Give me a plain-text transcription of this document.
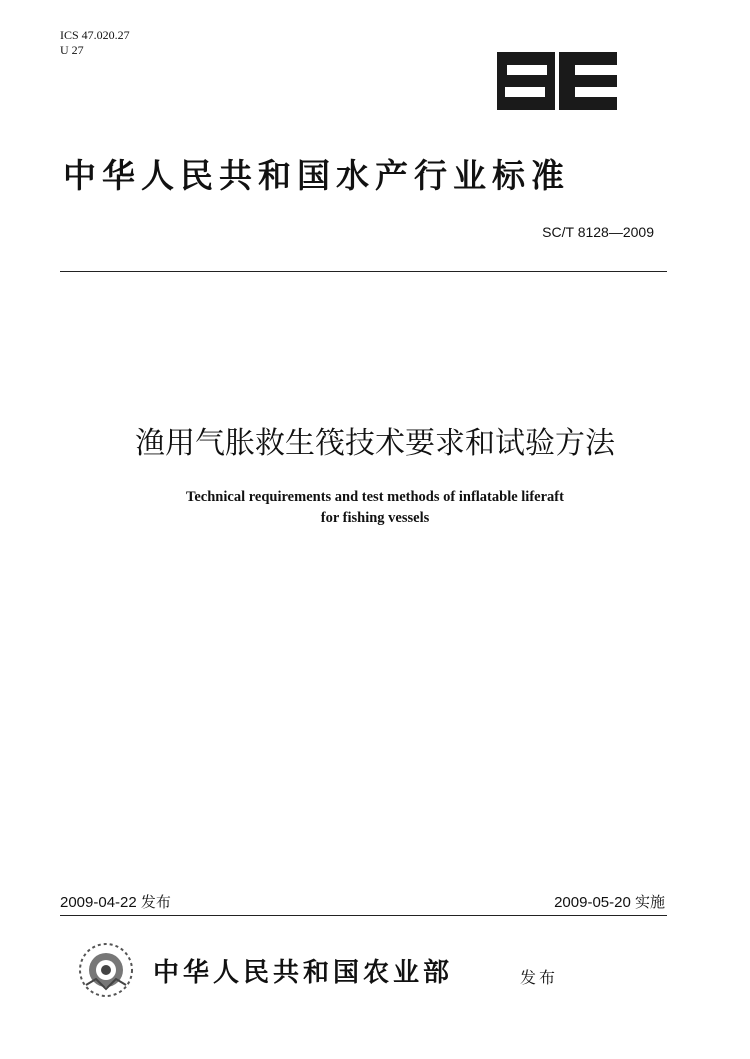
ICS 47.020.27
U 27
中华人民共和国水产行业标准
SC/T 8128—2009
渔用气胀救生筏技术要求和试验方法
Technical requirements and test methods of inflatable liferaft
for fishing vessels
2009-04-22 发布	2009-05-20 实施
中华人民共和国农业部	发布
